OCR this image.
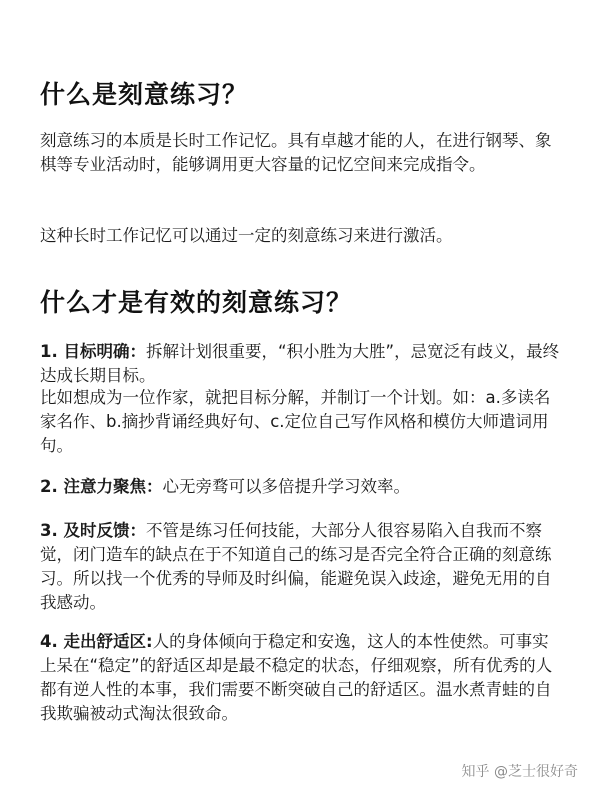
什么是刻意练习？
刻意练习的本质是长时工作记忆。具有卓越才能的人，在进行钢琴、象棋等专业活动时，能够调用更大容量的记忆空间来完成指令。
这种长时工作记忆可以通过一定的刻意练习来进行激活。
什么才是有效的刻意练习？
1. 目标明确：拆解计划很重要，“积小胜为大胜”，忌宽泛有歧义，最终达成长期目标。
比如想成为一位作家，就把目标分解，并制订一个计划。如：a.多读名家名作、b.摘抄背诵经典好句、c.定位自己写作风格和模仿大师遣词用句。
2. 注意力聚焦：心无旁骛可以多倍提升学习效率。
3. 及时反馈：不管是练习任何技能，大部分人很容易陷入自我而不察觉，闭门造车的缺点在于不知道自己的练习是否完全符合正确的刻意练习。所以找一个优秀的导师及时纠偏，能避免误入歧途，避免无用的自我感动。
4. 走出舒适区:人的身体倾向于稳定和安逸，这人的本性使然。可事实上呆在“稳定”的舒适区却是最不稳定的状态，仔细观察，所有优秀的人都有逆人性的本事，我们需要不断突破自己的舒适区。温水煮青蛙的自我欺骗被动式淘汰很致命。
知乎 @芝士很好奇
